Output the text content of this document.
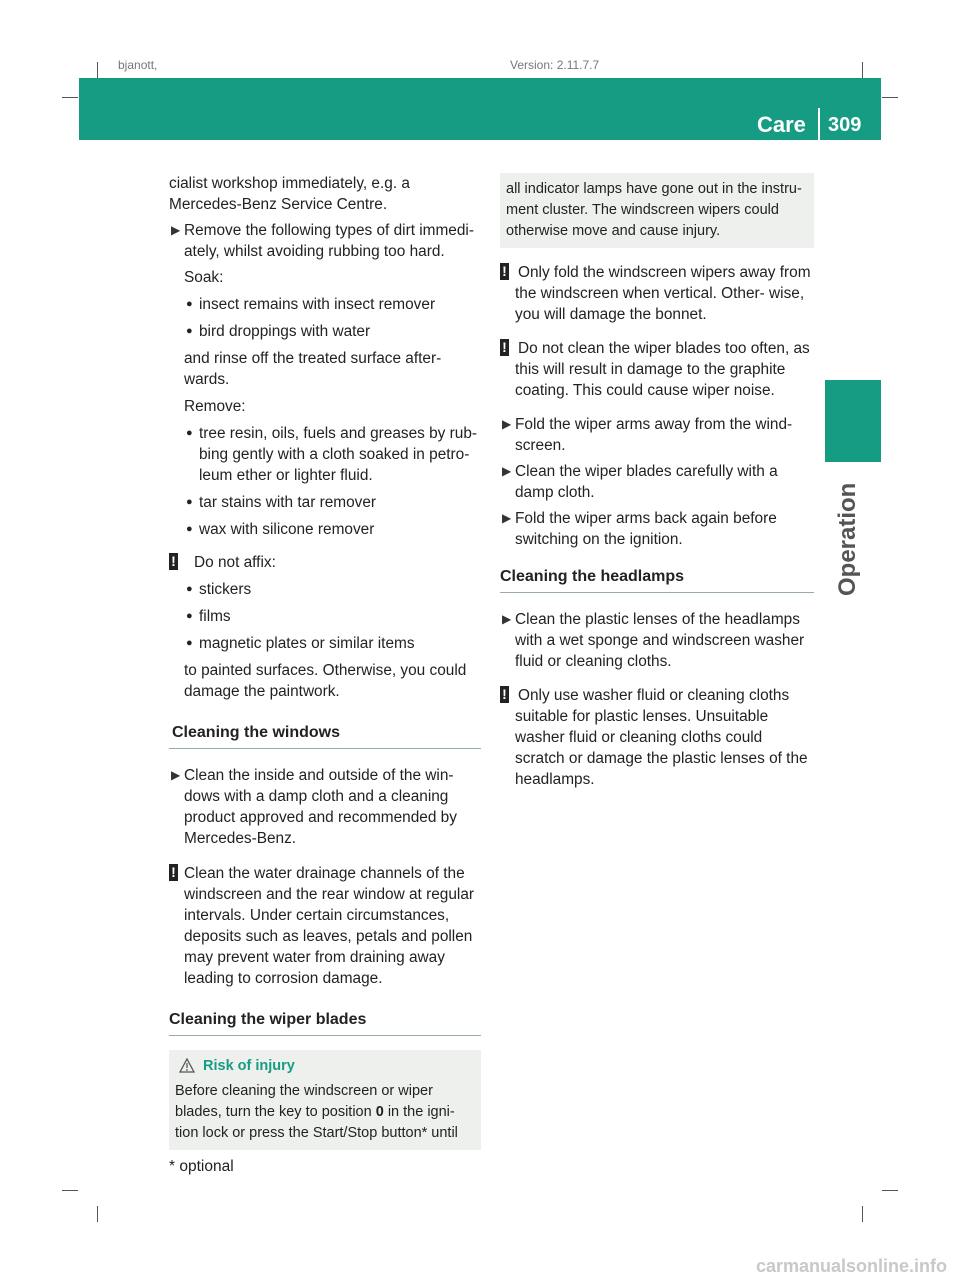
bjanott,	Version: 2.11.7.7
Care 309
Operation

cialist workshop immediately, e.g. a

Mercedes-Benz Service Centre.

▶ Remove the following types of dirt immedi- ately, whilst avoiding rubbing too hard.

Soak:

● insect remains with insect remover
● bird droppings with water

and rinse off the treated surface after- wards.

Remove:

● tree resin, oils, fuels and greases by rub- bing gently with a cloth soaked in petro- leum ether or lighter fluid.
● tar stains with tar remover
● wax with silicone remover
! Do not affix:
● stickers
● films
● magnetic plates or similar items

to painted surfaces. Otherwise, you could damage the paintwork.

Cleaning the windows
▶ Clean the inside and outside of the win- dows with a damp cloth and a cleaning product approved and recommended by Mercedes-Benz.
! Clean the water drainage channels of the windscreen and the rear window at regular intervals. Under certain circumstances, deposits such as leaves, petals and pollen may prevent water from draining away leading to corrosion damage.
Cleaning the wiper blades
Risk of injury

Before cleaning the windscreen or wiper blades, turn the key to position 0 in the igni- tion lock or press the Start/Stop button* until

all indicator lamps have gone out in the instru- ment cluster. The windscreen wipers could otherwise move and cause injury.

! Only fold the windscreen wipers away from the windscreen when vertical. Other- wise, you will damage the bonnet.
! Do not clean the wiper blades too often, as this will result in damage to the graphite coating. This could cause wiper noise.
▶ Fold the wiper arms away from the wind- screen.
▶ Clean the wiper blades carefully with a damp cloth.
▶ Fold the wiper arms back again before switching on the ignition.
Cleaning the headlamps
▶ Clean the plastic lenses of the headlamps with a wet sponge and windscreen washer fluid or cleaning cloths.
! Only use washer fluid or cleaning cloths suitable for plastic lenses. Unsuitable washer fluid or cleaning cloths could scratch or damage the plastic lenses of the headlamps.
* optional
carmanualsonline.info
